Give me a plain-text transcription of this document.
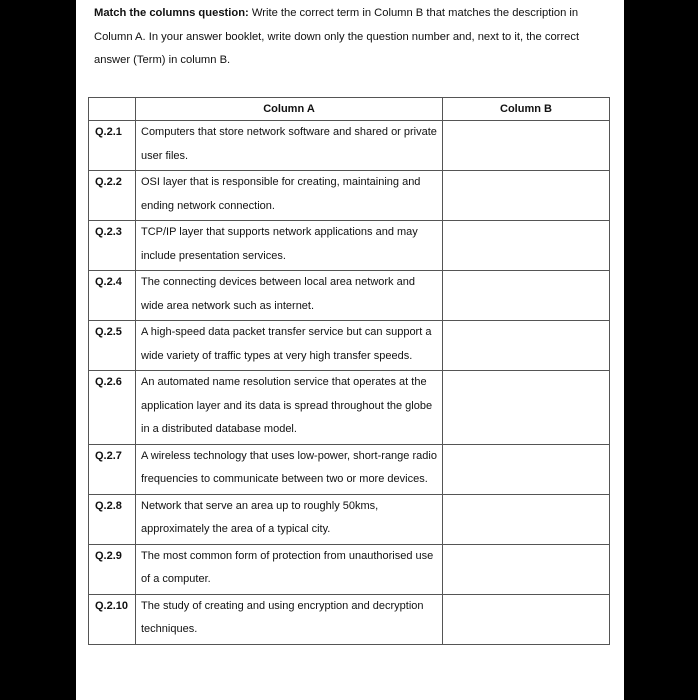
Match the columns question: Write the correct term in Column B that matches the description in Column A. In your answer booklet, write down only the question number and, next to it, the correct answer (Term) in column B.
	Column A	Column B
Q.2.1	Computers that store network software and shared or private user files.	

Q.2.2	OSI layer that is responsible for creating, maintaining and ending network connection.	

Q.2.3	TCP/IP layer that supports network applications and may include presentation services.	

Q.2.4	The connecting devices between local area network and wide area network such as internet.	

Q.2.5	A high-speed data packet transfer service but can support a wide variety of traffic types at very high transfer speeds.	

Q.2.6	An automated name resolution service that operates at the application layer and its data is spread throughout the globe in a distributed database model.	

Q.2.7	A wireless technology that uses low-power, short-range radio frequencies to communicate between two or more devices.	

Q.2.8	Network that serve an area up to roughly 50kms, approximately the area of a typical city.	

Q.2.9	The most common form of protection from unauthorised use of a computer.	

Q.2.10	The study of creating and using encryption and decryption techniques.	
